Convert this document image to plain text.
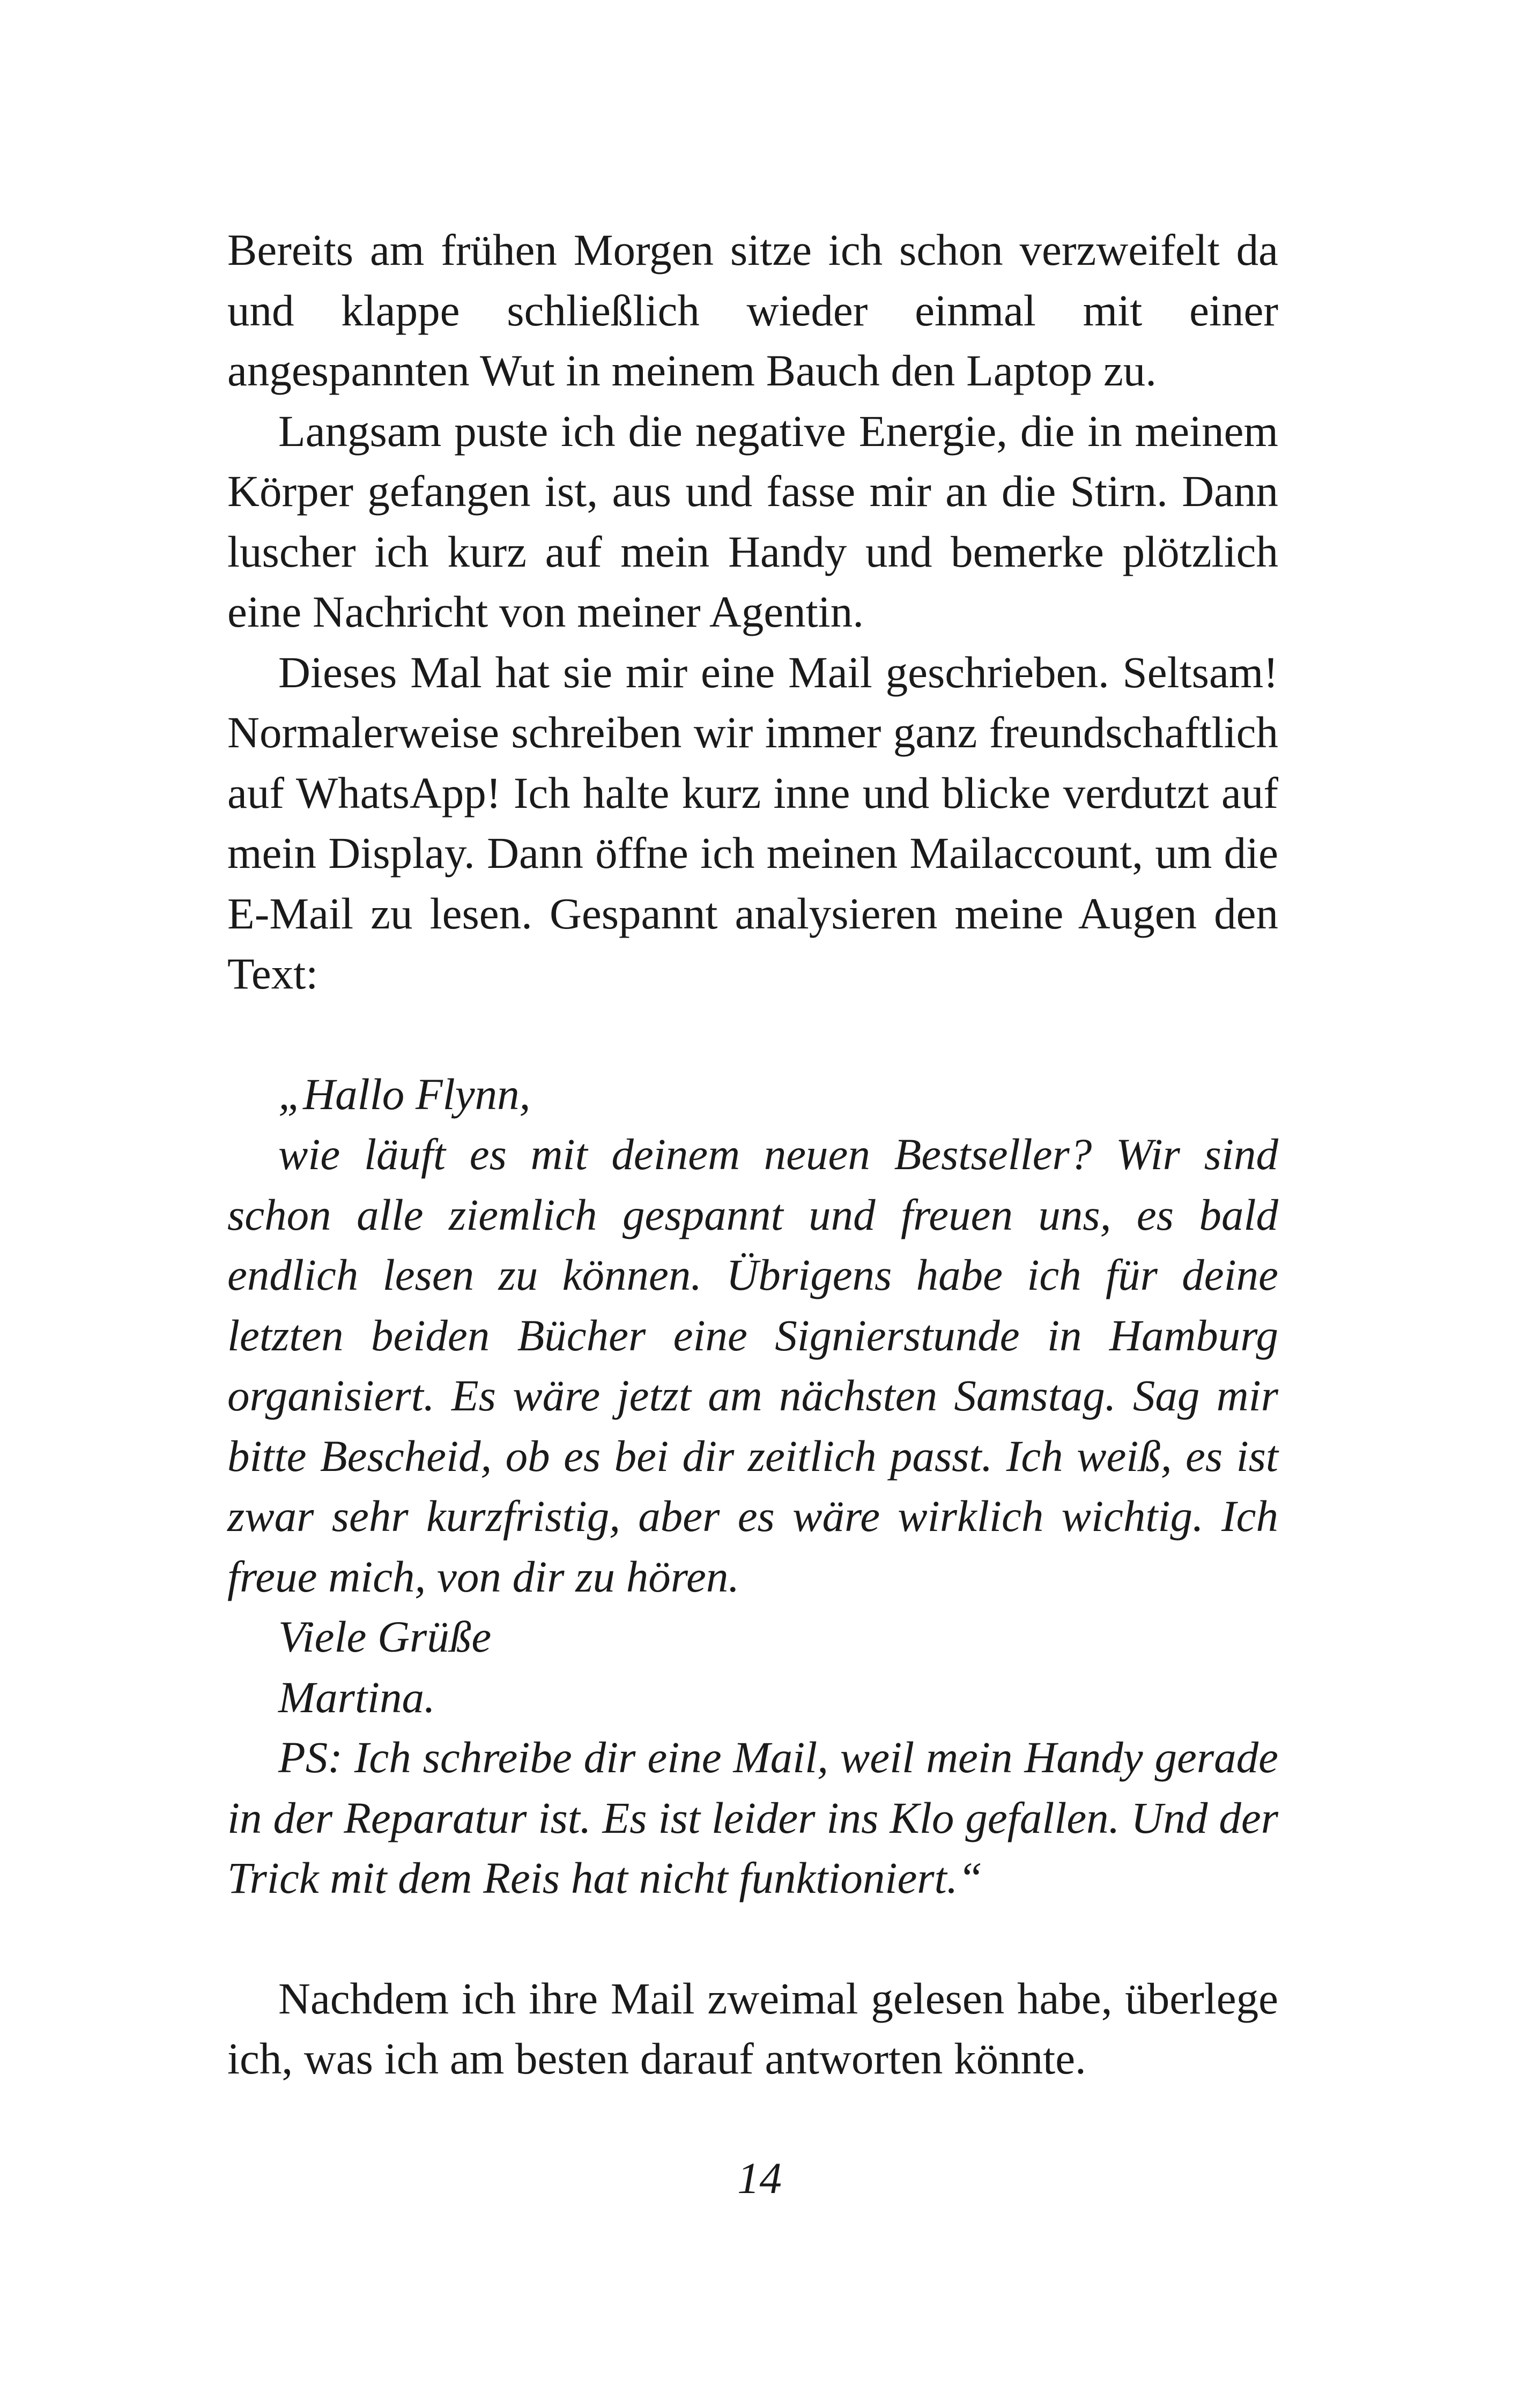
Bereits am frühen Morgen sitze ich schon verzweifelt da und klappe schließlich wieder einmal mit einer angespannten Wut in meinem Bauch den Laptop zu.

Langsam puste ich die negative Energie, die in meinem Körper gefangen ist, aus und fasse mir an die Stirn. Dann luscher ich kurz auf mein Handy und bemerke plötzlich eine Nachricht von meiner Agentin.

Dieses Mal hat sie mir eine Mail geschrieben. Seltsam! Normalerweise schreiben wir immer ganz freundschaftlich auf WhatsApp! Ich halte kurz inne und blicke verdutzt auf mein Display. Dann öffne ich meinen Mailaccount, um die E-Mail zu lesen. Gespannt analysieren meine Augen den Text:

„Hallo Flynn,
wie läuft es mit deinem neuen Bestseller? Wir sind schon alle ziemlich gespannt und freuen uns, es bald endlich lesen zu können. Übrigens habe ich für deine letzten beiden Bücher eine Signierstunde in Hamburg organisiert. Es wäre jetzt am nächsten Samstag. Sag mir bitte Bescheid, ob es bei dir zeitlich passt. Ich weiß, es ist zwar sehr kurzfristig, aber es wäre wirklich wichtig. Ich freue mich, von dir zu hören.
Viele Grüße
Martina.
PS: Ich schreibe dir eine Mail, weil mein Handy gerade in der Reparatur ist. Es ist leider ins Klo gefallen. Und der Trick mit dem Reis hat nicht funktioniert.“

Nachdem ich ihre Mail zweimal gelesen habe, überlege ich, was ich am besten darauf antworten könnte.

14
